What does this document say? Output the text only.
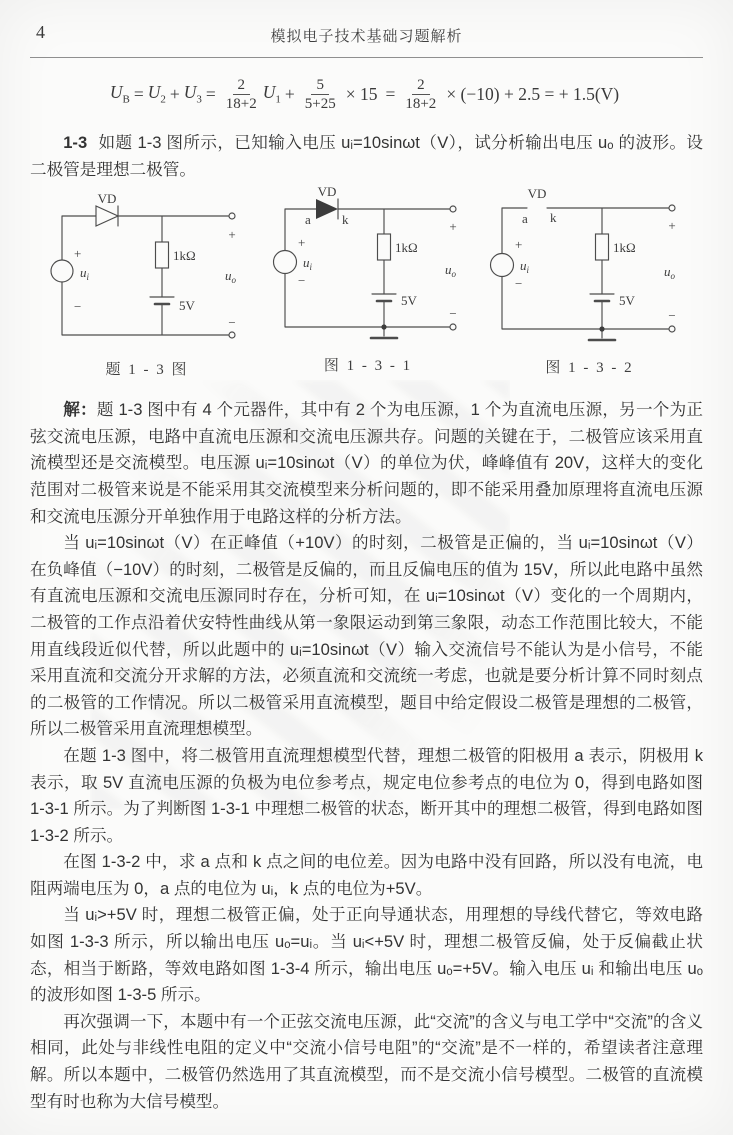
4	模拟电子技术基础习题解析
$U_B = U_2 + U_3 = \frac{2}{18+2} U_1 + \frac{5}{5+25} \times 15 = \frac{2}{18+2} \times (-10) + 2.5$ = + 1.5(V)

1-3 如题 1-3 图所示，已知输入电压 uᵢ=10sinωt（V），试分析输出电压 uₒ 的波形。设二极管是理想二极管。

VD
+
$u_i$
−
1kΩ
5V
+
$u_o$
−
题 1 - 3 图
VD
a k
+
$u_i$
−
1kΩ
5V
+
$u_o$
−
图 1 - 3 - 1
VD
a k
+
$u_i$
−
1kΩ
5V
+
$u_o$
−
图 1 - 3 - 2

解：题 1-3 图中有 4 个元器件，其中有 2 个为电压源，1 个为直流电压源，另一个为正弦交流电压源，电路中直流电压源和交流电压源共存。问题的关键在于，二极管应该采用直流模型还是交流模型。电压源 uᵢ=10sinωt（V）的单位为伏，峰峰值有 20V，这样大的变化范围对二极管来说是不能采用其交流模型来分析问题的，即不能采用叠加原理将直流电压源和交流电压源分开单独作用于电路这样的分析方法。

当 uᵢ=10sinωt（V）在正峰值（+10V）的时刻，二极管是正偏的，当 uᵢ=10sinωt（V）在负峰值（−10V）的时刻，二极管是反偏的，而且反偏电压的值为 15V，所以此电路中虽然有直流电压源和交流电压源同时存在，分析可知，在 uᵢ=10sinωt（V）变化的一个周期内，二极管的工作点沿着伏安特性曲线从第一象限运动到第三象限，动态工作范围比较大，不能用直线段近似代替，所以此题中的 uᵢ=10sinωt（V）输入交流信号不能认为是小信号，不能采用直流和交流分开求解的方法，必须直流和交流统一考虑，也就是要分析计算不同时刻点的二极管的工作情况。所以二极管采用直流模型，题目中给定假设二极管是理想的二极管，所以二极管采用直流理想模型。

在题 1-3 图中，将二极管用直流理想模型代替，理想二极管的阳极用 a 表示，阴极用 k 表示，取 5V 直流电压源的负极为电位参考点，规定电位参考点的电位为 0，得到电路如图 1-3-1 所示。为了判断图 1-3-1 中理想二极管的状态，断开其中的理想二极管，得到电路如图 1-3-2 所示。

在图 1-3-2 中，求 a 点和 k 点之间的电位差。因为电路中没有回路，所以没有电流，电阻两端电压为 0，a 点的电位为 uᵢ，k 点的电位为+5V。

当 uᵢ>+5V 时，理想二极管正偏，处于正向导通状态，用理想的导线代替它，等效电路如图 1-3-3 所示，所以输出电压 uₒ=uᵢ。当 uᵢ<+5V 时，理想二极管反偏，处于反偏截止状态，相当于断路，等效电路如图 1-3-4 所示，输出电压 uₒ=+5V。输入电压 uᵢ 和输出电压 uₒ 的波形如图 1-3-5 所示。

再次强调一下，本题中有一个正弦交流电压源，此“交流”的含义与电工学中“交流”的含义相同，此处与非线性电阻的定义中“交流小信号电阻”的“交流”是不一样的，希望读者注意理解。所以本题中，二极管仍然选用了其直流模型，而不是交流小信号模型。二极管的直流模型有时也称为大信号模型。
